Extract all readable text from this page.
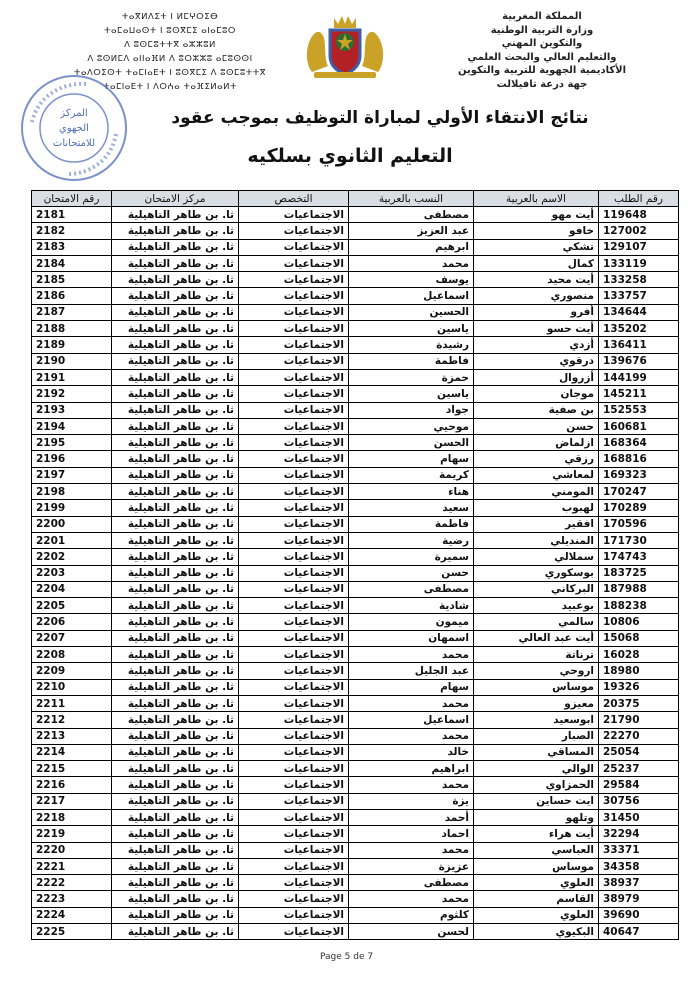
المملكة المغربية
وزارة التربية الوطنية
والتكوين المهني
والتعليم العالي والبحث العلمي
الأكاديمية الجهوية للتربية والتكوين
جهة درعة تافيلالت
ⵜⴰⴳⵍⴷⵉⵜ ⵏ ⵍⵎⵖⵔⵉⴱ
ⵜⴰⵎⴰⵡⴰⵙⵜ ⵏ ⵓⵙⴳⵎⵉ ⴰⵏⴰⵎⵓⵔ
ⴷ ⵓⵙⵎⵓⵜⵜⴳ ⴰⵣⵣⵓⵍ
ⴷ ⵓⵙⵍⵎⴷ ⴰⵏⵏⴰⴼⵍ ⴷ ⵓⵔⵣⵣⵓ ⴰⵎⵓⵙⵙⵏ
ⵜⴰⴷⵔⵉⵙⵜ ⵜⴰⵎⵏⴰⴹⵜ ⵏ ⵓⵙⴳⵎⵉ ⴷ ⵓⵙⵎⵓⵜⵜⴳ
ⵜⴰⵎⵏⴰⴹⵜ ⵏ ⴷⵔⵄⴰ ⵜⴰⴼⵉⵍⴰⵍⵜ
المركز
الجهوي
للامتحانات
نتائج الانتقاء الأولي لمباراة التوظيف بموجب عقود
التعليم الثانوي بسلكيه
رقم الطلب	الاسم بالعربية	النسب بالعربية	التخصص	مركز الامتحان	رقم الامتحان
119648	أيت مهو	مصطفى	الاجتماعيات	ثا. بن طاهر التاهيلية	2181
127002	خافو	عبد العزيز	الاجتماعيات	ثا. بن طاهر التاهيلية	2182
129107	تشكي	ابرهيم	الاجتماعيات	ثا. بن طاهر التاهيلية	2183
133119	كمال	محمد	الاجتماعيات	ثا. بن طاهر التاهيلية	2184
133258	أيت محيد	يوسف	الاجتماعيات	ثا. بن طاهر التاهيلية	2185
133757	منصوري	اسماعيل	الاجتماعيات	ثا. بن طاهر التاهيلية	2186
134644	أفرو	الحسين	الاجتماعيات	ثا. بن طاهر التاهيلية	2187
135202	أيت حسو	ياسين	الاجتماعيات	ثا. بن طاهر التاهيلية	2188
136411	أزدي	رشيدة	الاجتماعيات	ثا. بن طاهر التاهيلية	2189
139676	درقوي	فاطمة	الاجتماعيات	ثا. بن طاهر التاهيلية	2190
144199	أزروال	حمزة	الاجتماعيات	ثا. بن طاهر التاهيلية	2191
145211	موجان	ياسين	الاجتماعيات	ثا. بن طاهر التاهيلية	2192
152553	بن صفية	جواد	الاجتماعيات	ثا. بن طاهر التاهيلية	2193
160681	حسن	موحيي	الاجتماعيات	ثا. بن طاهر التاهيلية	2194
168364	ازلماض	الحسن	الاجتماعيات	ثا. بن طاهر التاهيلية	2195
168816	رزقي	سهام	الاجتماعيات	ثا. بن طاهر التاهيلية	2196
169323	لمعاشي	كريمة	الاجتماعيات	ثا. بن طاهر التاهيلية	2197
170247	المومني	هناء	الاجتماعيات	ثا. بن طاهر التاهيلية	2198
170289	لهبوب	سعيد	الاجتماعيات	ثا. بن طاهر التاهيلية	2199
170596	افقير	فاطمة	الاجتماعيات	ثا. بن طاهر التاهيلية	2200
171730	المنديلي	رضية	الاجتماعيات	ثا. بن طاهر التاهيلية	2201
174743	سملالي	سميرة	الاجتماعيات	ثا. بن طاهر التاهيلية	2202
183725	بوسكوري	حسن	الاجتماعيات	ثا. بن طاهر التاهيلية	2203
187988	البركاني	مصطفى	الاجتماعيات	ثا. بن طاهر التاهيلية	2204
188238	بوعبيد	شادية	الاجتماعيات	ثا. بن طاهر التاهيلية	2205
10806	سالمي	ميمون	الاجتماعيات	ثا. بن طاهر التاهيلية	2206
15068	أيت عبد العالي	اسمهان	الاجتماعيات	ثا. بن طاهر التاهيلية	2207
16028	ترناتة	محمد	الاجتماعيات	ثا. بن طاهر التاهيلية	2208
18980	اروحي	عبد الجليل	الاجتماعيات	ثا. بن طاهر التاهيلية	2209
19326	موساس	سهام	الاجتماعيات	ثا. بن طاهر التاهيلية	2210
20375	معيزو	محمد	الاجتماعيات	ثا. بن طاهر التاهيلية	2211
21790	ابوسعيد	اسماعيل	الاجتماعيات	ثا. بن طاهر التاهيلية	2212
22270	الصبار	محمد	الاجتماعيات	ثا. بن طاهر التاهيلية	2213
25054	المساقي	خالد	الاجتماعيات	ثا. بن طاهر التاهيلية	2214
25237	الوالي	ابراهيم	الاجتماعيات	ثا. بن طاهر التاهيلية	2215
29584	الحمزاوي	محمد	الاجتماعيات	ثا. بن طاهر التاهيلية	2216
30756	ايت حساين	يزة	الاجتماعيات	ثا. بن طاهر التاهيلية	2217
31450	وتلهو	أحمد	الاجتماعيات	ثا. بن طاهر التاهيلية	2218
32294	أيت هراء	احماد	الاجتماعيات	ثا. بن طاهر التاهيلية	2219
33371	العباسي	محمد	الاجتماعيات	ثا. بن طاهر التاهيلية	2220
34358	موساس	عزيزة	الاجتماعيات	ثا. بن طاهر التاهيلية	2221
38937	العلوي	مصطفى	الاجتماعيات	ثا. بن طاهر التاهيلية	2222
38979	القاسم	محمد	الاجتماعيات	ثا. بن طاهر التاهيلية	2223
39690	العلوي	كلثوم	الاجتماعيات	ثا. بن طاهر التاهيلية	2224
40647	البكيوي	لحسن	الاجتماعيات	ثا. بن طاهر التاهيلية	2225
Page 5 de 7
